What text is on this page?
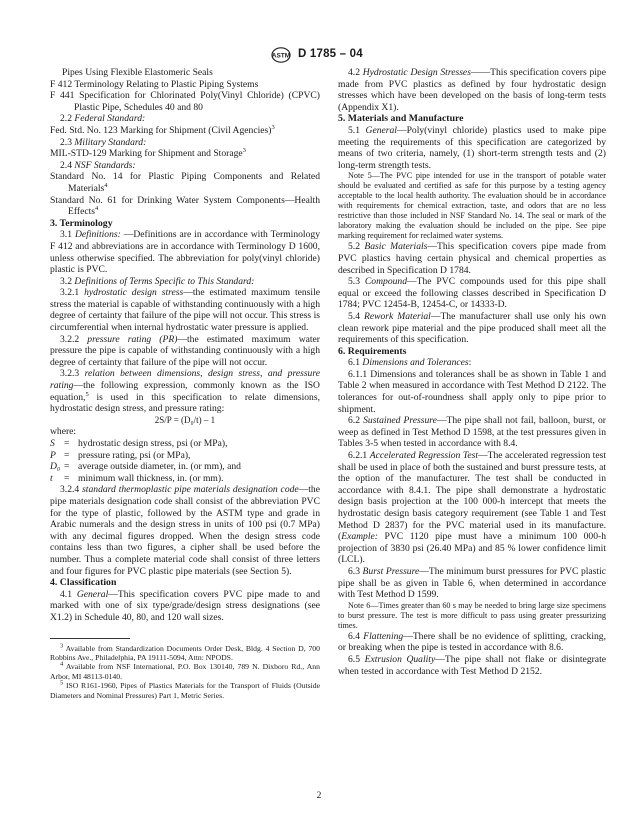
ASTM D 1785 – 04

Pipes Using Flexible Elastomeric Seals

F 412 Terminology Relating to Plastic Piping Systems

F 441 Specification for Chlorinated Poly(Vinyl Chloride) (CPVC) Plastic Pipe, Schedules 40 and 80

2.2 Federal Standard:

Fed. Std. No. 123 Marking for Shipment (Civil Agencies)$^3$

2.3 Military Standard:

MIL-STD-129 Marking for Shipment and Storage$^3$

2.4 NSF Standards:

Standard No. 14 for Plastic Piping Components and Related Materials$^4$

Standard No. 61 for Drinking Water System Components—Health Effects$^4$

3. Terminology

3.1 Definitions: —Definitions are in accordance with Terminology F 412 and abbreviations are in accordance with Terminology D 1600, unless otherwise specified. The abbreviation for poly(vinyl chloride) plastic is PVC.

3.2 Definitions of Terms Specific to This Standard:

3.2.1 hydrostatic design stress—the estimated maximum tensile stress the material is capable of withstanding continuously with a high degree of certainty that failure of the pipe will not occur. This stress is circumferential when internal hydrostatic water pressure is applied.

3.2.2 pressure rating (PR)—the estimated maximum water pressure the pipe is capable of withstanding continuously with a high degree of certainty that failure of the pipe will not occur.

3.2.3 relation between dimensions, design stress, and pressure rating—the following expression, commonly known as the ISO equation,$^5$ is used in this specification to relate dimensions, hydrostatic design stress, and pressure rating:

2S/P = (D₀/t) – 1

where:

S = hydrostatic design stress, psi (or MPa),
P = pressure rating, psi (or MPa),
D₀ = average outside diameter, in. (or mm), and
t	= minimum wall thickness, in. (or mm).

3.2.4 standard thermoplastic pipe materials designation code—the pipe materials designation code shall consist of the abbreviation PVC for the type of plastic, followed by the ASTM type and grade in Arabic numerals and the design stress in units of 100 psi (0.7 MPa) with any decimal figures dropped. When the design stress code contains less than two figures, a cipher shall be used before the number. Thus a complete material code shall consist of three letters and four figures for PVC plastic pipe materials (see Section 5).

4. Classification

4.1 General—This specification covers PVC pipe made to and marked with one of six type/grade/design stress designations (see X1.2) in Schedule 40, 80, and 120 wall sizes.

$^3$ Available from Standardization Documents Order Desk, Bldg. 4 Section D, 700 Robbins Ave., Philadelphia, PA 19111-5094, Attn: NPODS.

$^4$ Available from NSF International, P.O. Box 130140, 789 N. Dixboro Rd., Ann Arbor, MI 48113-0140.

$^5$ ISO R161-1960, Pipes of Plastics Materials for the Transport of Fluids (Outside Diameters and Nominal Pressures) Part 1, Metric Series.

4.2 Hydrostatic Design Stresses——This specification covers pipe made from PVC plastics as defined by four hydrostatic design stresses which have been developed on the basis of long-term tests (Appendix X1).

5. Materials and Manufacture

5.1 General—Poly(vinyl chloride) plastics used to make pipe meeting the requirements of this specification are categorized by means of two criteria, namely, (1) short-term strength tests and (2) long-term strength tests.

Note 5—The PVC pipe intended for use in the transport of potable water should be evaluated and certified as safe for this purpose by a testing agency acceptable to the local health authority. The evaluation should be in accordance with requirements for chemical extraction, taste, and odors that are no less restrictive than those included in NSF Standard No. 14. The seal or mark of the laboratory making the evaluation should be included on the pipe. See pipe marking requirement for reclaimed water systems.

5.2 Basic Materials—This specification covers pipe made from PVC plastics having certain physical and chemical properties as described in Specification D 1784.

5.3 Compound—The PVC compounds used for this pipe shall equal or exceed the following classes described in Specification D 1784; PVC 12454-B, 12454-C, or 14333-D.

5.4 Rework Material—The manufacturer shall use only his own clean rework pipe material and the pipe produced shall meet all the requirements of this specification.

6. Requirements

6.1 Dimensions and Tolerances:

6.1.1 Dimensions and tolerances shall be as shown in Table 1 and Table 2 when measured in accordance with Test Method D 2122. The tolerances for out-of-roundness shall apply only to pipe prior to shipment.

6.2 Sustained Pressure—The pipe shall not fail, balloon, burst, or weep as defined in Test Method D 1598, at the test pressures given in Tables 3-5 when tested in accordance with 8.4.

6.2.1 Accelerated Regression Test—The accelerated regression test shall be used in place of both the sustained and burst pressure tests, at the option of the manufacturer. The test shall be conducted in accordance with 8.4.1. The pipe shall demonstrate a hydrostatic design basis projection at the 100 000-h intercept that meets the hydrostatic design basis category requirement (see Table 1 and Test Method D 2837) for the PVC material used in its manufacture. (Example: PVC 1120 pipe must have a minimum 100 000-h projection of 3830 psi (26.40 MPa) and 85 % lower confidence limit (LCL).

6.3 Burst Pressure—The minimum burst pressures for PVC plastic pipe shall be as given in Table 6, when determined in accordance with Test Method D 1599.

Note 6—Times greater than 60 s may be needed to bring large size specimens to burst pressure. The test is more difficult to pass using greater pressurizing times.

6.4 Flattening—There shall be no evidence of splitting, cracking, or breaking when the pipe is tested in accordance with 8.6.

6.5 Extrusion Quality—The pipe shall not flake or disintegrate when tested in accordance with Test Method D 2152.

2
